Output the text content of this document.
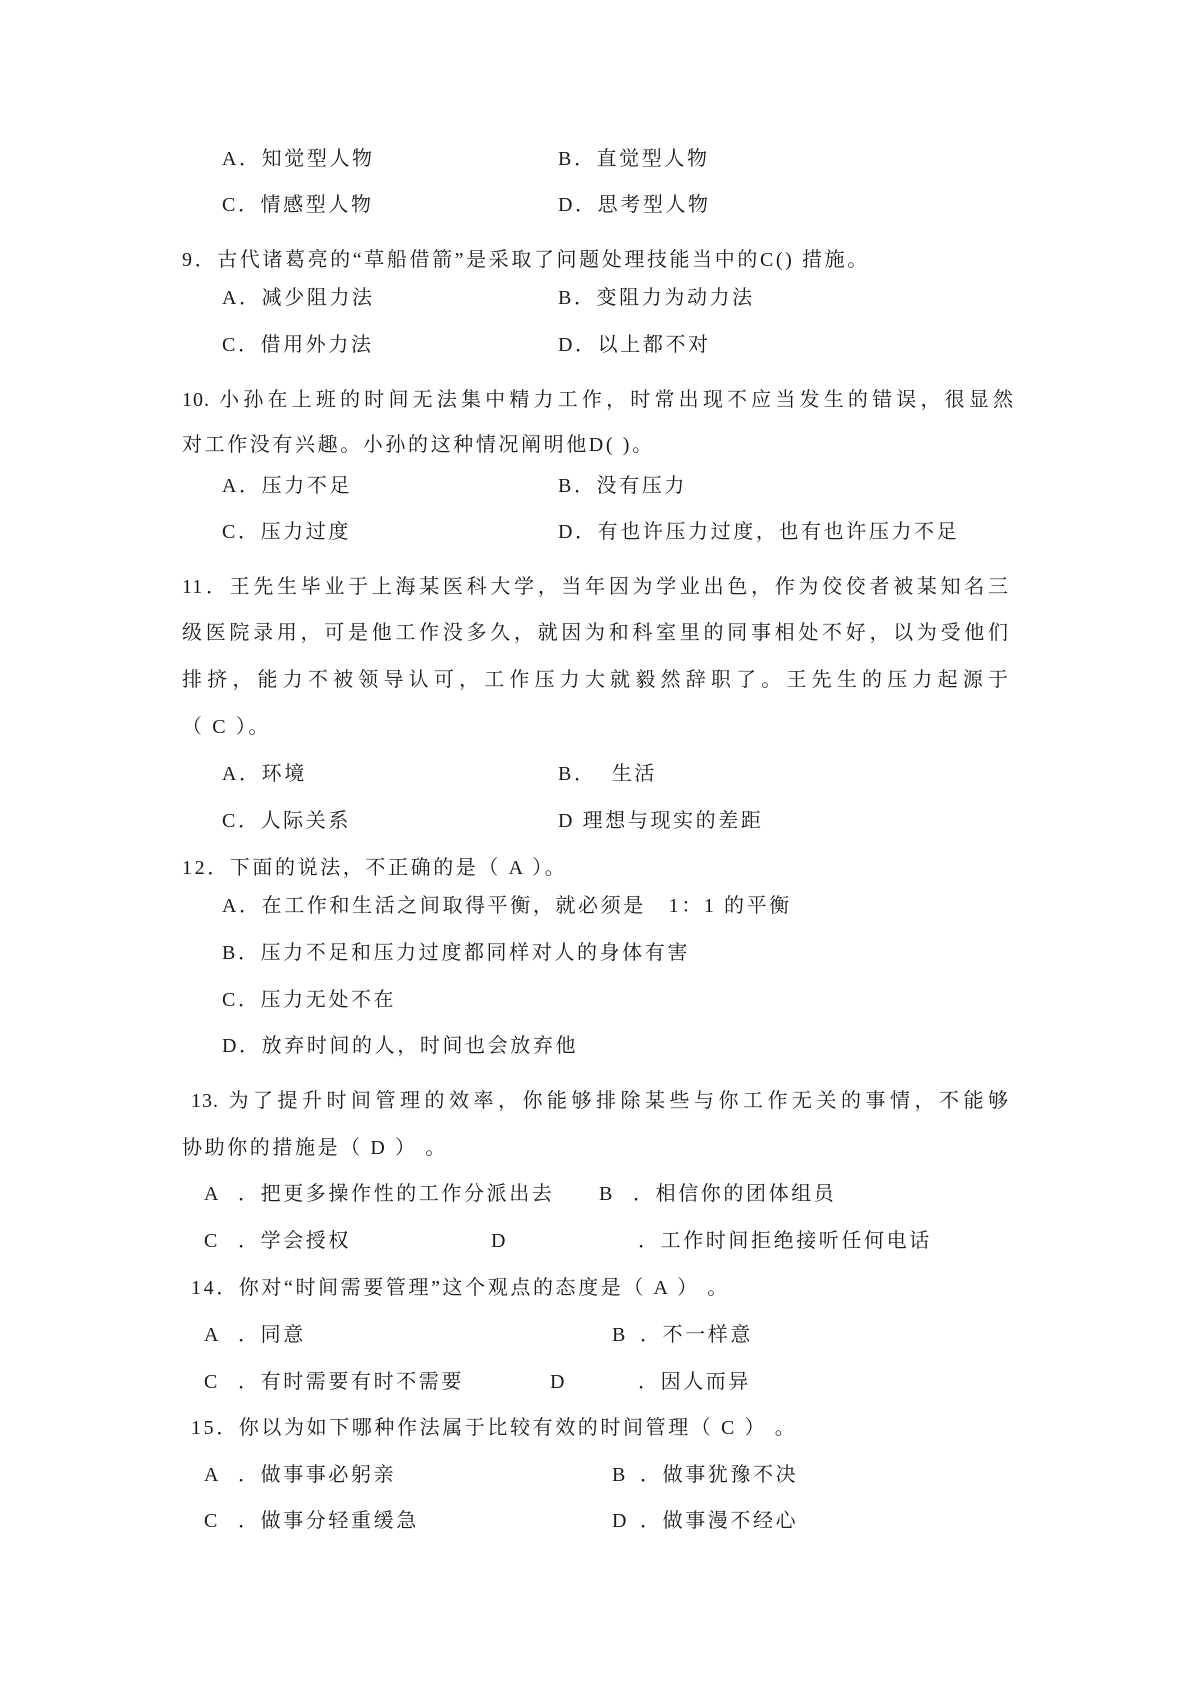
A．知觉型人物	B．直觉型人物
C．情感型人物	D．思考型人物
9．古代诸葛亮的“草船借箭”是采取了问题处理技能当中的C() 措施。
A．减少阻力法	B．变阻力为动力法
C．借用外力法	D．以上都不对
10. 小孙在上班的时间无法集中精力工作，时常出现不应当发生的错误，很显然
对工作没有兴趣。小孙的这种情况阐明他D( )。
A．压力不足	B．没有压力
C．压力过度	D．有也许压力过度，也有也许压力不足
11．王先生毕业于上海某医科大学，当年因为学业出色，作为佼佼者被某知名三
级医院录用，可是他工作没多久，就因为和科室里的同事相处不好，以为受他们
排挤，能力不被领导认可，工作压力大就毅然辞职了。王先生的压力起源于
（ C ）。
A．环境	B．  生活
C．人际关系	D 理想与现实的差距
12．下面的说法，不正确的是（ A ）。
A．在工作和生活之间取得平衡，就必须是   1：1 的平衡
B．压力不足和压力过度都同样对人的身体有害
C．压力无处不在
D．放弃时间的人，时间也会放弃他
13. 为了提升时间管理的效率，你能够排除某些与你工作无关的事情，不能够
协助你的措施是（ D ） 。
A ．把更多操作性的工作分派出去 B ．相信你的团体组员
C ．学会授权	D	．工作时间拒绝接听任何电话
14．你对“时间需要管理”这个观点的态度是（ A ） 。
A ．同意	B ．不一样意
C ．有时需要有时不需要	D	．因人而异
15．你以为如下哪种作法属于比较有效的时间管理（ C ） 。
A ．做事事必躬亲	B ．做事犹豫不决
C ．做事分轻重缓急	D ．做事漫不经心
